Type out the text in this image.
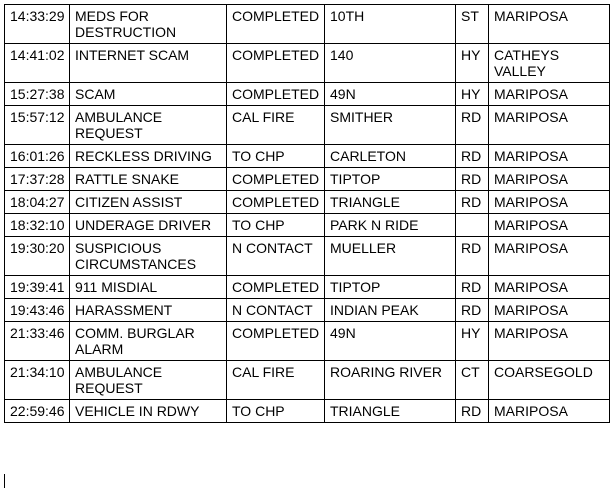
14:33:29	MEDS FOR
DESTRUCTION	COMPLETED	10TH	ST	MARIPOSA
14:41:02	INTERNET SCAM	COMPLETED	140	HY	CATHEYS
VALLEY
15:27:38	SCAM	COMPLETED	49N	HY	MARIPOSA
15:57:12	AMBULANCE
REQUEST	CAL FIRE	SMITHER	RD	MARIPOSA
16:01:26	RECKLESS DRIVING	TO CHP	CARLETON	RD	MARIPOSA
17:37:28	RATTLE SNAKE	COMPLETED	TIPTOP	RD	MARIPOSA
18:04:27	CITIZEN ASSIST	COMPLETED	TRIANGLE	RD	MARIPOSA
18:32:10	UNDERAGE DRIVER	TO CHP	PARK N RIDE		MARIPOSA
19:30:20	SUSPICIOUS
CIRCUMSTANCES	N CONTACT	MUELLER	RD	MARIPOSA
19:39:41	911 MISDIAL	COMPLETED	TIPTOP	RD	MARIPOSA
19:43:46	HARASSMENT	N CONTACT	INDIAN PEAK	RD	MARIPOSA
21:33:46	COMM. BURGLAR
ALARM	COMPLETED	49N	HY	MARIPOSA
21:34:10	AMBULANCE
REQUEST	CAL FIRE	ROARING RIVER	CT	COARSEGOLD
22:59:46	VEHICLE IN RDWY	TO CHP	TRIANGLE	RD	MARIPOSA
